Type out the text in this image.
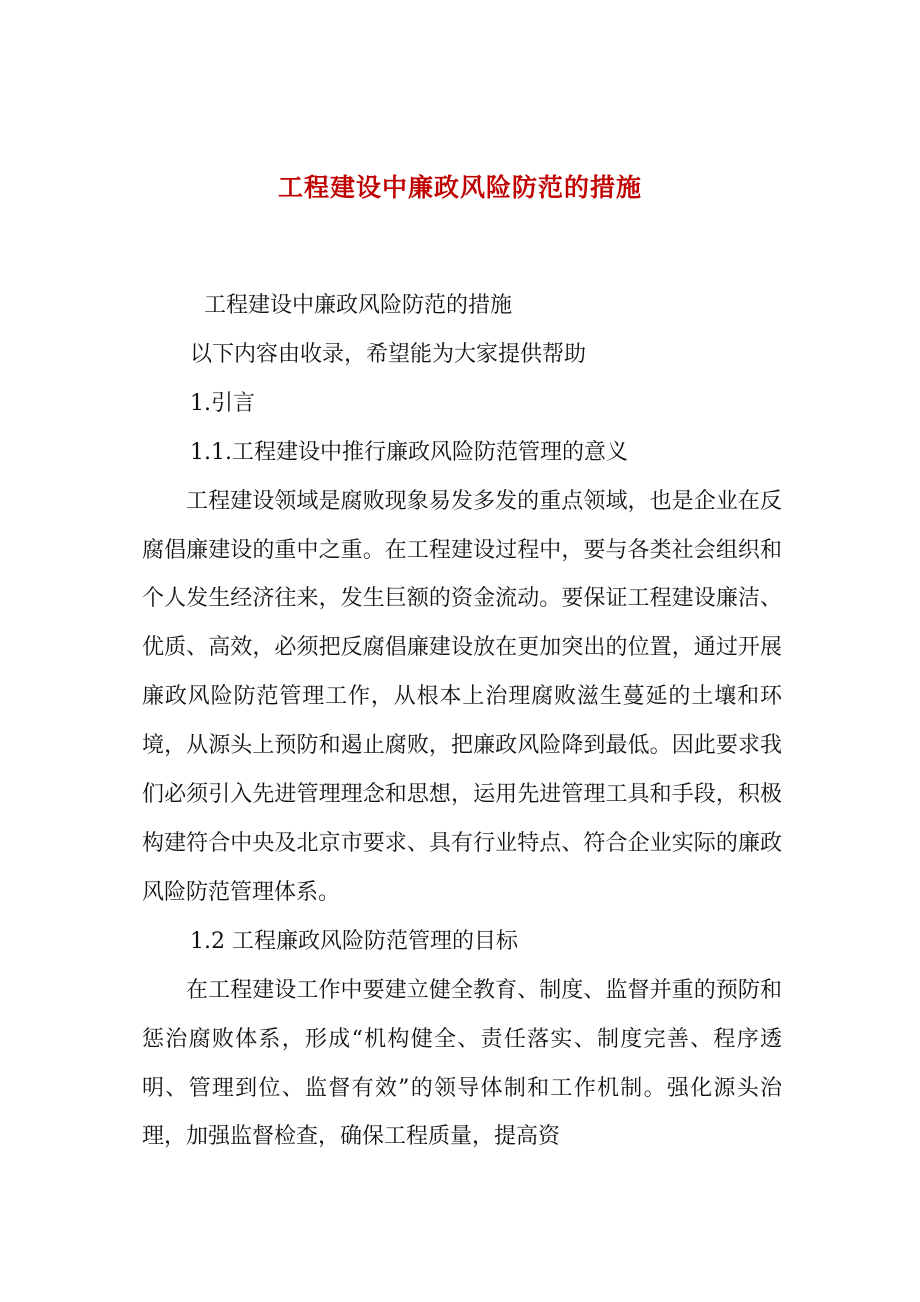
工程建设中廉政风险防范的措施

工程建设中廉政风险防范的措施

以下内容由收录，希望能为大家提供帮助

1.引言

1.1.工程建设中推行廉政风险防范管理的意义

工程建设领域是腐败现象易发多发的重点领域，也是企业在反腐倡廉建设的重中之重。在工程建设过程中，要与各类社会组织和个人发生经济往来，发生巨额的资金流动。要保证工程建设廉洁、优质、高效，必须把反腐倡廉建设放在更加突出的位置，通过开展廉政风险防范管理工作，从根本上治理腐败滋生蔓延的土壤和环境，从源头上预防和遏止腐败，把廉政风险降到最低。因此要求我们必须引入先进管理理念和思想，运用先进管理工具和手段，积极构建符合中央及北京市要求、具有行业特点、符合企业实际的廉政风险防范管理体系。

1.2 工程廉政风险防范管理的目标

在工程建设工作中要建立健全教育、制度、监督并重的预防和惩治腐败体系，形成“机构健全、责任落实、制度完善、程序透明、管理到位、监督有效”的领导体制和工作机制。强化源头治理，加强监督检查，确保工程质量，提高资
